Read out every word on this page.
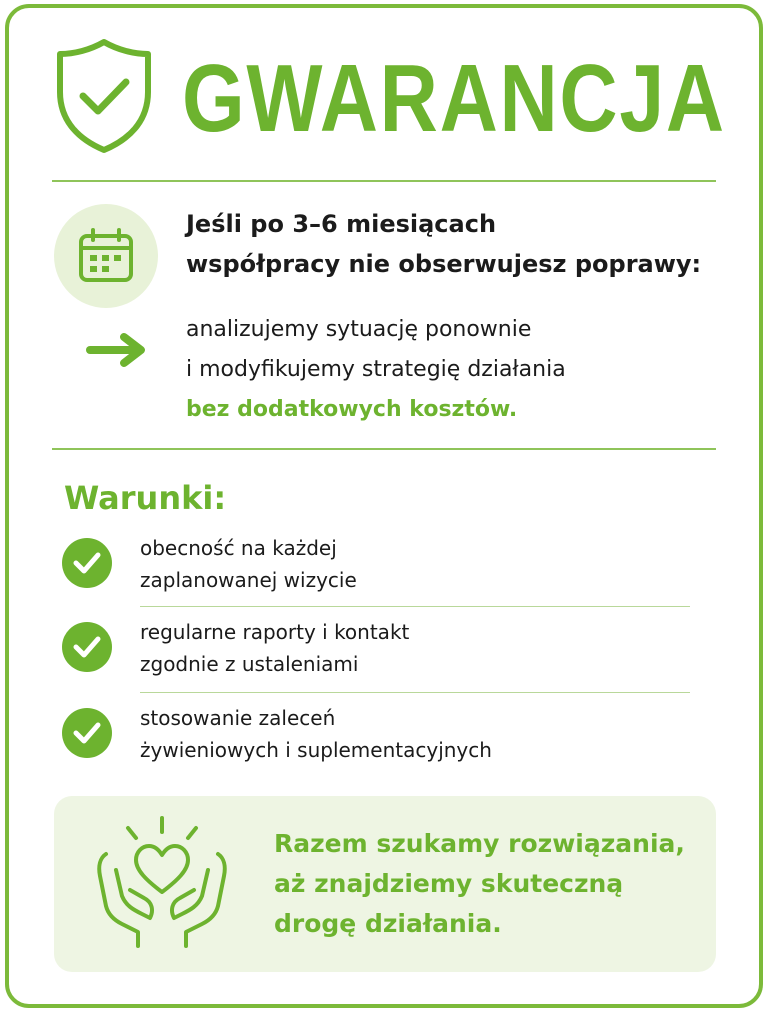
GWARANCJA
Jeśli po 3–6 miesiącach
współpracy nie obserwujesz poprawy:
analizujemy sytuację ponownie
i modyfikujemy strategię działania
bez dodatkowych kosztów.
Warunki:
obecność na każdej
zaplanowanej wizycie
regularne raporty i kontakt
zgodnie z ustaleniami
stosowanie zaleceń
żywieniowych i suplementacyjnych
Razem szukamy rozwiązania,
aż znajdziemy skuteczną
drogę działania.
